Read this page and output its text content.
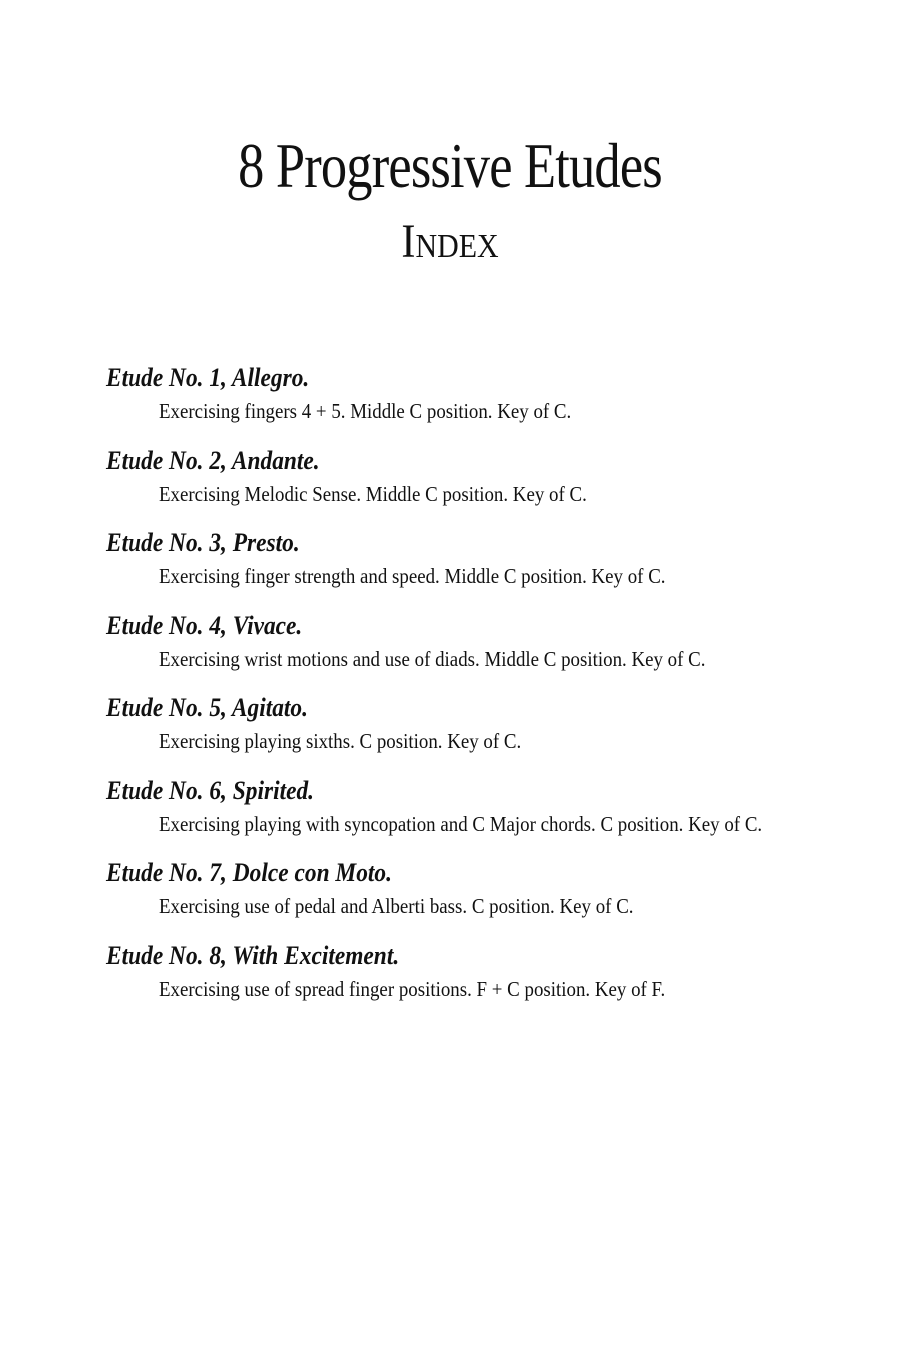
8 Progressive Etudes
Index
Etude No. 1, Allegro.
Exercising fingers 4 + 5. Middle C position. Key of C.
Etude No. 2, Andante.
Exercising Melodic Sense. Middle C position. Key of C.
Etude No. 3, Presto.
Exercising finger strength and speed. Middle C position. Key of C.
Etude No. 4, Vivace.
Exercising wrist motions and use of diads. Middle C position. Key of C.
Etude No. 5, Agitato.
Exercising playing sixths. C position. Key of C.
Etude No. 6, Spirited.
Exercising playing with syncopation and C Major chords. C position. Key of C.
Etude No. 7, Dolce con Moto.
Exercising use of pedal and Alberti bass. C position. Key of C.
Etude No. 8, With Excitement.
Exercising use of spread finger positions. F + C position. Key of F.
